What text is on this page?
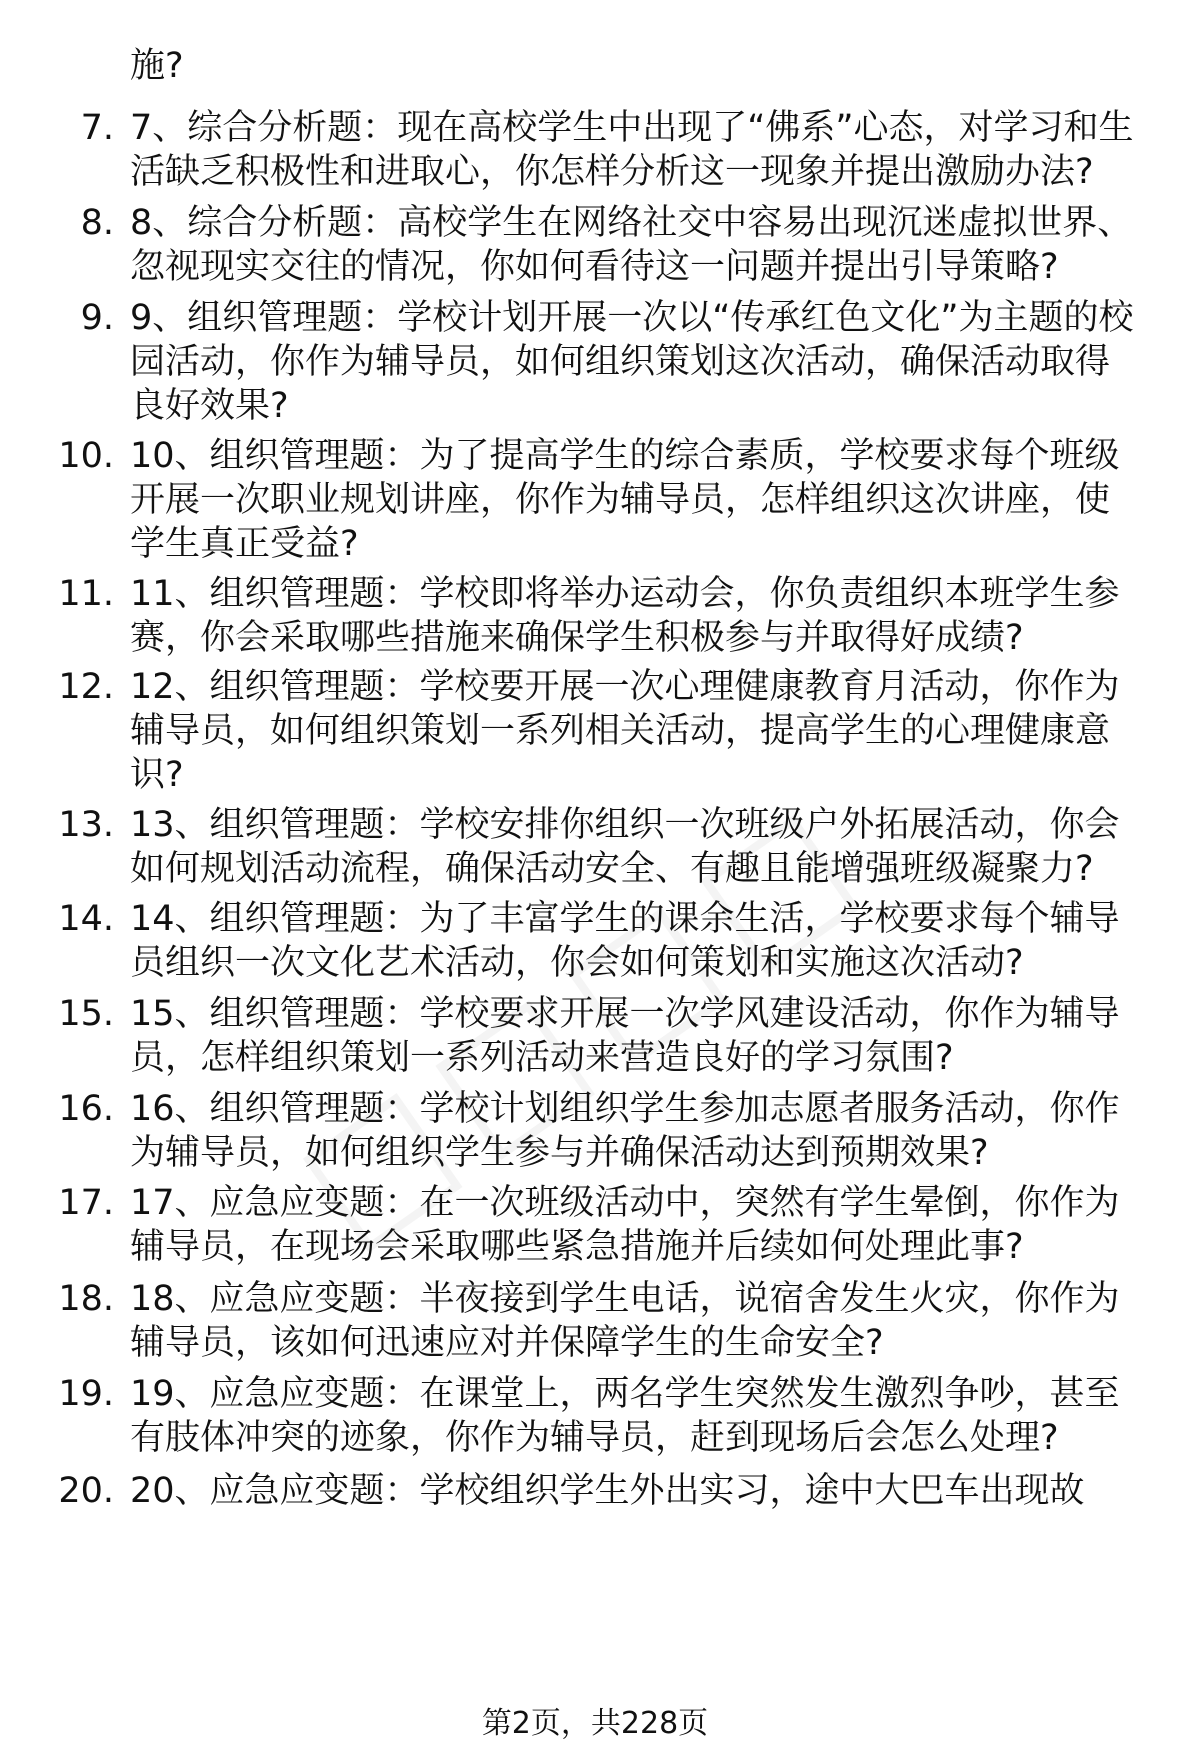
施?
7. 7、综合分析题：现在高校学生中出现了“佛系”心态，对学习和生
活缺乏积极性和进取心，你怎样分析这一现象并提出激励办法?
8. 8、综合分析题：高校学生在网络社交中容易出现沉迷虚拟世界、
忽视现实交往的情况，你如何看待这一问题并提出引导策略?
9. 9、组织管理题：学校计划开展一次以“传承红色文化”为主题的校
园活动，你作为辅导员，如何组织策划这次活动，确保活动取得
良好效果?
10. 10、组织管理题：为了提高学生的综合素质，学校要求每个班级
开展一次职业规划讲座，你作为辅导员，怎样组织这次讲座，使
学生真正受益?
11. 11、组织管理题：学校即将举办运动会，你负责组织本班学生参
赛，你会采取哪些措施来确保学生积极参与并取得好成绩?
12. 12、组织管理题：学校要开展一次心理健康教育月活动，你作为
辅导员，如何组织策划一系列相关活动，提高学生的心理健康意
识?
13. 13、组织管理题：学校安排你组织一次班级户外拓展活动，你会
如何规划活动流程，确保活动安全、有趣且能增强班级凝聚力?
14. 14、组织管理题：为了丰富学生的课余生活，学校要求每个辅导
员组织一次文化艺术活动，你会如何策划和实施这次活动?
15. 15、组织管理题：学校要求开展一次学风建设活动，你作为辅导
员，怎样组织策划一系列活动来营造良好的学习氛围?
16. 16、组织管理题：学校计划组织学生参加志愿者服务活动，你作
为辅导员，如何组织学生参与并确保活动达到预期效果?
17. 17、应急应变题：在一次班级活动中，突然有学生晕倒，你作为
辅导员，在现场会采取哪些紧急措施并后续如何处理此事?
18. 18、应急应变题：半夜接到学生电话，说宿舍发生火灾，你作为
辅导员，该如何迅速应对并保障学生的生命安全?
19. 19、应急应变题：在课堂上，两名学生突然发生激烈争吵，甚至
有肢体冲突的迹象，你作为辅导员，赶到现场后会怎么处理?
20. 20、应急应变题：学校组织学生外出实习，途中大巴车出现故
第2页，共228页
